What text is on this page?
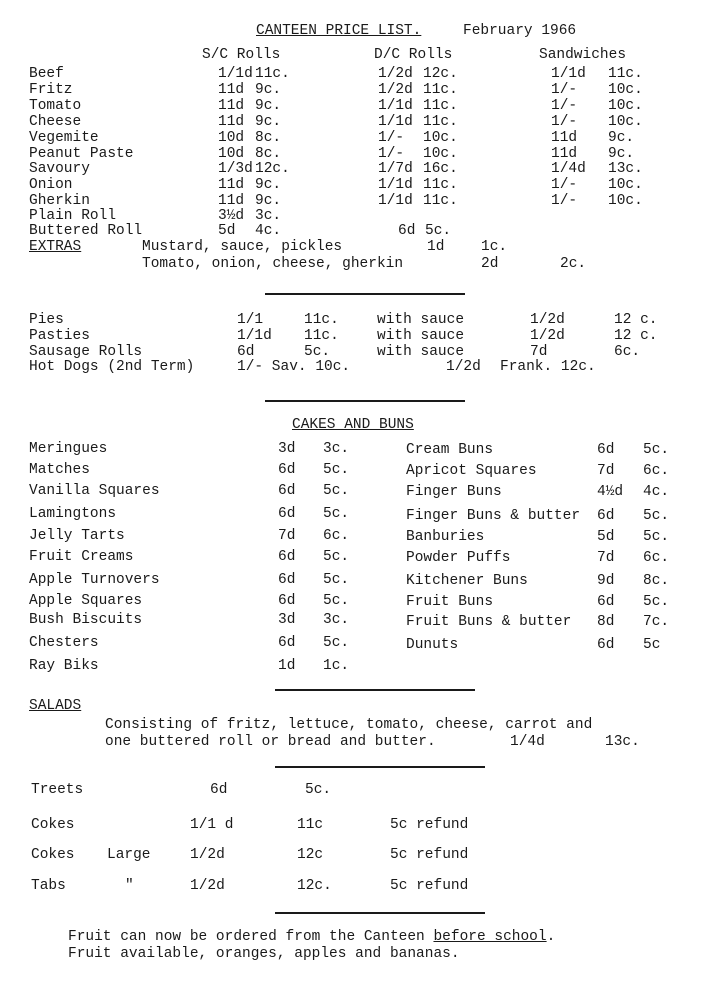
CANTEEN PRICE LIST.	February 1966
S/C Rolls	D/C Rolls	Sandwiches
Beef	1/1d 11c.	1/2d 12c.	1/1d 11c.
Fritz	11d 9c.	1/2d 11c.	1/- 10c.
Tomato	11d 9c.	1/1d 11c.	1/- 10c.
Cheese	11d 9c.	1/1d 11c.	1/- 10c.
Vegemite	10d 8c.	1/- 10c.	11d 9c.
Peanut Paste	10d 8c.	1/- 10c.	11d 9c.
Savoury	1/3d 12c.	1/7d 16c.	1/4d 13c.
Onion	11d 9c.	1/1d 11c.	1/- 10c.
Gherkin	11d 9c.	1/1d 11c.	1/- 10c.
Plain Roll	3½d 3c.
Buttered Roll	5d 4c.	6d 5c.
EXTRAS	Mustard, sauce, pickles	1d	1c.
Tomato, onion, cheese, gherkin	2d	2c.
Pies	1/1	11c.	with sauce	1/2d	12 c.
Pasties	1/1d 11c.	with sauce	1/2d	12 c.
Sausage Rolls	6d	5c.	with sauce	7d	6c.
Hot Dogs (2nd Term)	1/- Sav. 10c.	1/2d Frank. 12c.
CAKES AND BUNS
Meringues	3d 3c.
Matches	6d 5c.
Vanilla Squares	6d 5c.
Lamingtons	6d 5c.
Jelly Tarts	7d 6c.
Fruit Creams	6d 5c.
Apple Turnovers	6d 5c.
Apple Squares	6d 5c.
Bush Biscuits	3d 3c.
Chesters	6d 5c.
Ray Biks	1d 1c.
Cream Buns	6d 5c.
Apricot Squares	7d 6c.
Finger Buns	4½d 4c.
Finger Buns & butter 6d 5c.
Banburies	5d 5c.
Powder Puffs	7d 6c.
Kitchener Buns	9d 8c.
Fruit Buns	6d 5c.
Fruit Buns & butter 8d 7c.
Dunuts	6d 5c
SALADS
Consisting of fritz, lettuce, tomato, cheese, carrot and
one buttered roll or bread and butter.	1/4d	13c.
Treets	6d	5c.
Cokes	1/1 d	11c	5c refund
Cokes Large	1/2d	12c	5c refund
Tabs	"	1/2d	12c.	5c refund
Fruit can now be ordered from the Canteen before school.
Fruit available, oranges, apples and bananas.
